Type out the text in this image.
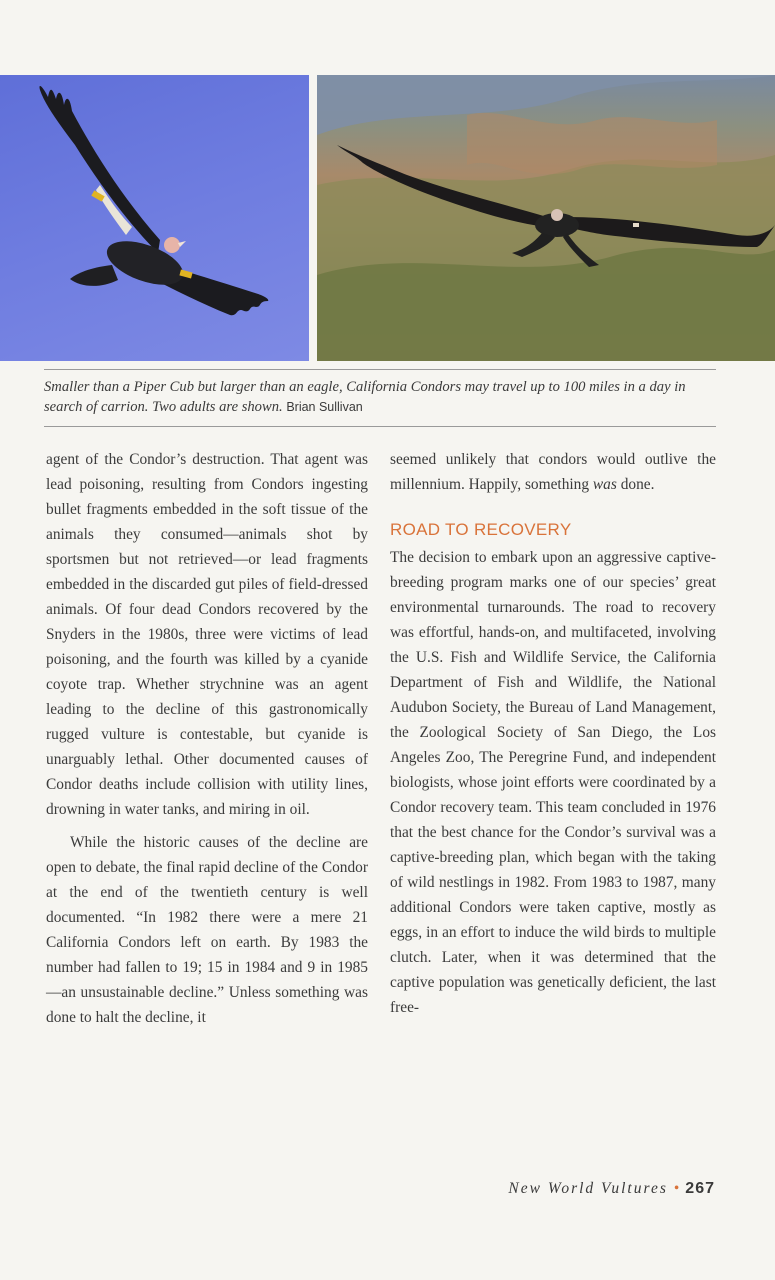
Smaller than a Piper Cub but larger than an eagle, California Condors may travel up to 100 miles in a day in search of carrion. Two adults are shown. Brian Sullivan

agent of the Condor’s destruction. That agent was lead poisoning, resulting from Condors ingesting bullet fragments embedded in the soft tissue of the animals they consumed—animals shot by sportsmen but not retrieved—or lead fragments embedded in the discarded gut piles of field-dressed animals. Of four dead Condors recovered by the Snyders in the 1980s, three were victims of lead poisoning, and the fourth was killed by a cyanide coyote trap. Whether strychnine was an agent leading to the decline of this gastronomically rugged vulture is contestable, but cyanide is unarguably lethal. Other documented causes of Condor deaths include collision with utility lines, drowning in water tanks, and miring in oil.

While the historic causes of the decline are open to debate, the final rapid decline of the Condor at the end of the twentieth century is well documented. “In 1982 there were a mere 21 California Condors left on earth. By 1983 the number had fallen to 19; 15 in 1984 and 9 in 1985—an unsustainable decline.” Unless something was done to halt the decline, it

seemed unlikely that condors would outlive the millennium. Happily, something was done.

ROAD TO RECOVERY

The decision to embark upon an aggressive captive-breeding program marks one of our species’ great environmental turnarounds. The road to recovery was effortful, hands-on, and multifaceted, involving the U.S. Fish and Wildlife Service, the California Department of Fish and Wildlife, the National Audubon Society, the Bureau of Land Management, the Zoological Society of San Diego, the Los Angeles Zoo, The Peregrine Fund, and independent biologists, whose joint efforts were coordinated by a Condor recovery team. This team concluded in 1976 that the best chance for the Condor’s survival was a captive-breeding plan, which began with the taking of wild nestlings in 1982. From 1983 to 1987, many additional Condors were taken captive, mostly as eggs, in an effort to induce the wild birds to multiple clutch. Later, when it was determined that the captive population was genetically deficient, the last free-

New World Vultures • 267
